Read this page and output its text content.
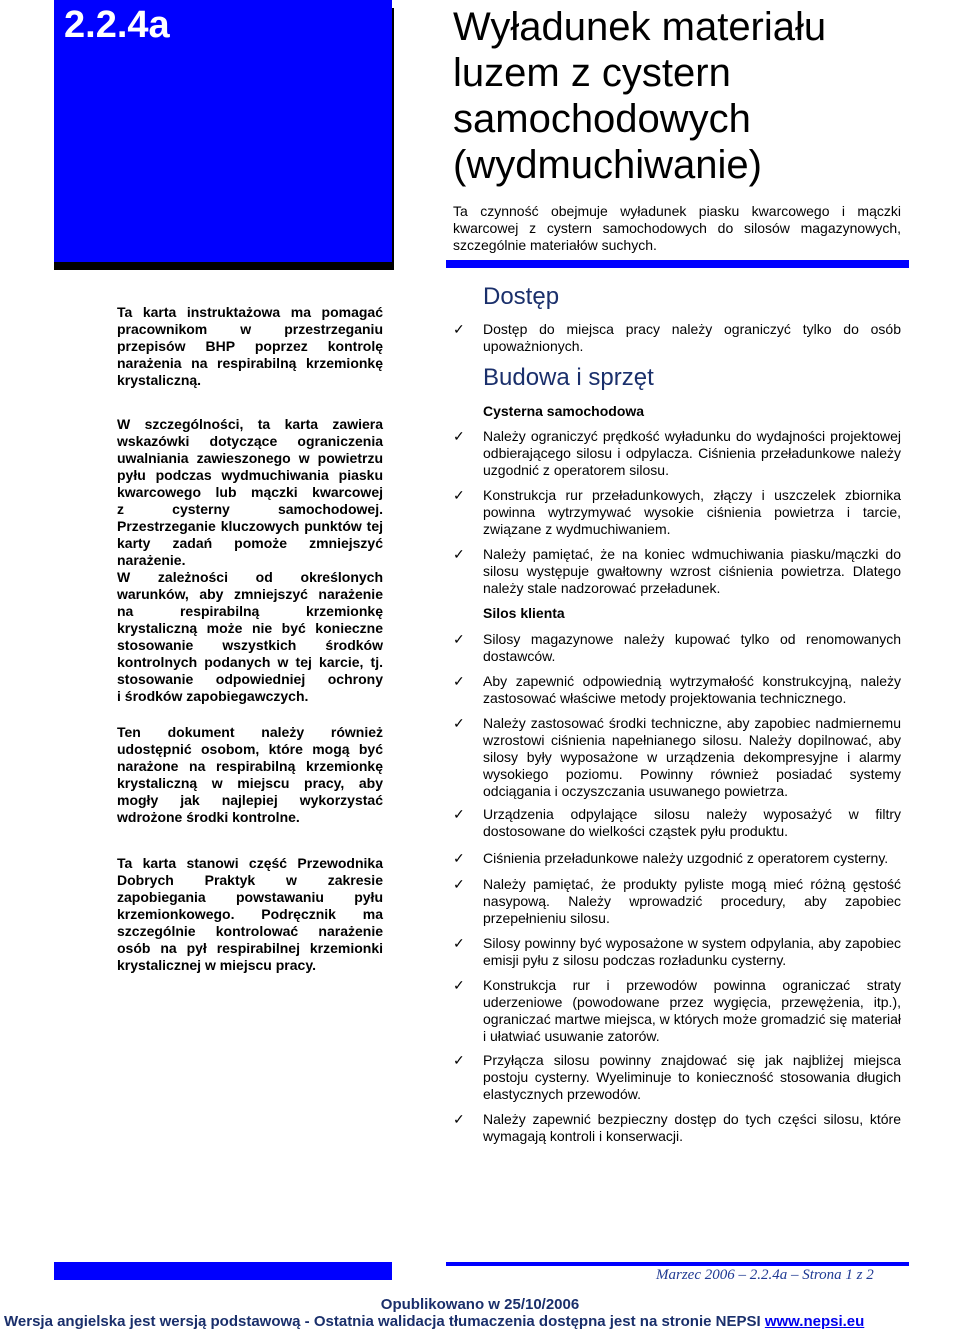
2.2.4a	Wyładunek materiału
luzem z cystern
samochodowych
(wydmuchiwanie)
Ta czynność obejmuje wyładunek piasku kwarcowego i mączki kwarcowej z cystern samochodowych do silosów magazynowych, szczególnie materiałów suchych.
Ta karta instruktażowa ma pomagać
pracownikom w przestrzeganiu
przepisów BHP poprzez kontrolę
narażenia na respirabilną krzemionkę
krystaliczną.
W szczególności, ta karta zawiera
wskazówki dotyczące ograniczenia
uwalniania zawieszonego w powietrzu
pyłu podczas wydmuchiwania piasku
kwarcowego lub mączki kwarcowej
z cysterny samochodowej.
Przestrzeganie kluczowych punktów tej
karty zadań pomoże zmniejszyć
narażenie.
W zależności od określonych
warunków, aby zmniejszyć narażenie
na respirabilną krzemionkę
krystaliczną może nie być konieczne
stosowanie wszystkich środków
kontrolnych podanych w tej karcie, tj.
stosowanie odpowiedniej ochrony
i środków zapobiegawczych.
Ten dokument należy również
udostępnić osobom, które mogą być
narażone na respirabilną krzemionkę
krystaliczną w miejscu pracy, aby
mogły jak najlepiej wykorzystać
wdrożone środki kontrolne.
Ta karta stanowi część Przewodnika
Dobrych Praktyk w zakresie
zapobiegania powstawaniu pyłu
krzemionkowego. Podręcznik ma
szczególnie kontrolować narażenie
osób na pył respirabilnej krzemionki
krystalicznej w miejscu pracy.
Dostęp
✓	Dostęp do miejsca pracy należy ograniczyć tylko do osób upoważnionych.
Budowa i sprzęt
Cysterna samochodowa
✓	Należy ograniczyć prędkość wyładunku do wydajności projektowej odbierającego silosu i odpylacza. Ciśnienia przeładunkowe należy uzgodnić z operatorem silosu.
✓	Konstrukcja rur przeładunkowych, złączy i uszczelek zbiornika powinna wytrzymywać wysokie ciśnienia powietrza i tarcie, związane z wydmuchiwaniem.
✓	Należy pamiętać, że na koniec wdmuchiwania piasku/mączki do silosu występuje gwałtowny wzrost ciśnienia powietrza. Dlatego należy stale nadzorować przeładunek.
Silos klienta
✓	Silosy magazynowe należy kupować tylko od renomowanych dostawców.
✓	Aby zapewnić odpowiednią wytrzymałość konstrukcyjną, należy zastosować właściwe metody projektowania technicznego.
✓	Należy zastosować środki techniczne, aby zapobiec nadmiernemu wzrostowi ciśnienia napełnianego silosu. Należy dopilnować, aby silosy były wyposażone w urządzenia dekompresyjne i alarmy wysokiego poziomu. Powinny również posiadać systemy odciągania i oczyszczania usuwanego powietrza.
✓	Urządzenia odpylające silosu należy wyposażyć w filtry dostosowane do wielkości cząstek pyłu produktu.
✓	Ciśnienia przeładunkowe należy uzgodnić z operatorem cysterny.
✓	Należy pamiętać, że produkty pyliste mogą mieć różną gęstość nasypową. Należy wprowadzić procedury, aby zapobiec przepełnieniu silosu.
✓	Silosy powinny być wyposażone w system odpylania, aby zapobiec emisji pyłu z silosu podczas rozładunku cysterny.
✓	Konstrukcja rur i przewodów powinna ograniczać straty uderzeniowe (powodowane przez wygięcia, przewężenia, itp.), ograniczać martwe miejsca, w których może gromadzić się materiał i ułatwiać usuwanie zatorów.
✓	Przyłącza silosu powinny znajdować się jak najbliżej miejsca postoju cysterny. Wyeliminuje to konieczność stosowania długich elastycznych przewodów.
✓	Należy zapewnić bezpieczny dostęp do tych części silosu, które wymagają kontroli i konserwacji.
Marzec 2006 – 2.2.4a – Strona 1 z 2
Opublikowano w 25/10/2006
Wersja angielska jest wersją podstawową - Ostatnia walidacja tłumaczenia dostępna jest na stronie NEPSI www.nepsi.eu
